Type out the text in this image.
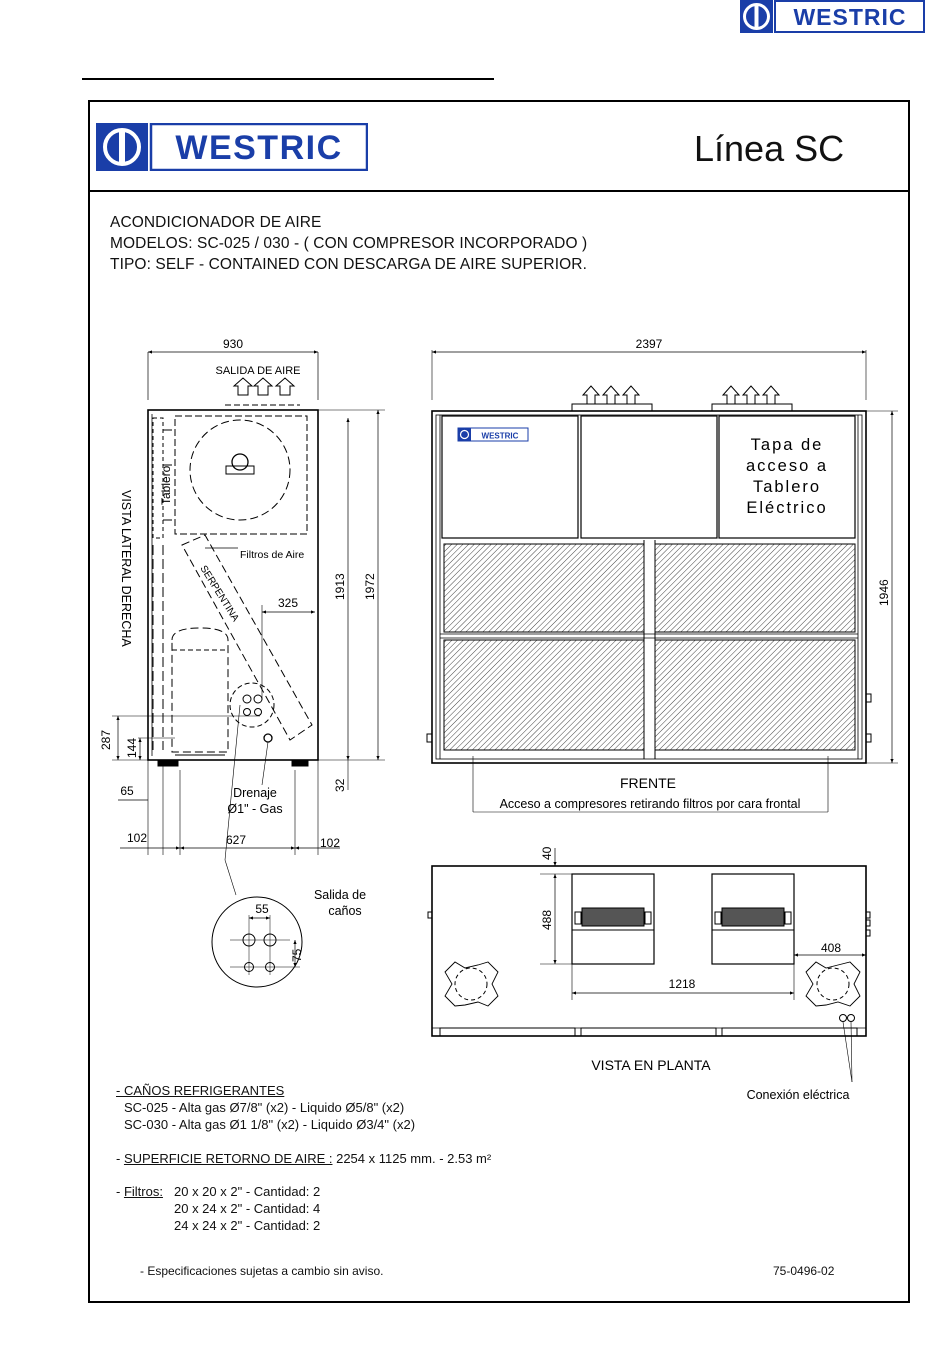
WESTRIC
WESTRIC	Línea SC
ACONDICIONADOR DE AIRE
MODELOS: SC-025 / 030 - ( CON COMPRESOR INCORPORADO )
TIPO: SELF - CONTAINED CON DESCARGA DE AIRE SUPERIOR.
930
SALIDA DE AIRE
Tablero
Filtros de Aire
SERPENTINA
VISTA LATERAL DERECHA	325
1913 1972
287 144
65	32
Drenaje
Ø1" - Gas
102	627	102
Salida de
caños
55
75
WESTRIC	Tapa de
acceso a
Tablero
Eléctrico
2397
1946
FRENTE
Acceso a compresores retirando filtros por cara frontal
40
488
408
1218
VISTA EN PLANTA
Conexión eléctrica
- CAÑOS REFRIGERANTES
SC-025 - Alta gas Ø7/8" (x2) - Liquido Ø5/8" (x2)
SC-030 - Alta gas Ø1 1/8" (x2) - Liquido Ø3/4" (x2)
- SUPERFICIE RETORNO DE AIRE : 2254 x 1125 mm. - 2.53 m²
- Filtros: 20 x 20 x 2" - Cantidad: 2
20 x 24 x 2" - Cantidad: 4
24 x 24 x 2" - Cantidad: 2
- Especificaciones sujetas a cambio sin aviso.	75-0496-02
